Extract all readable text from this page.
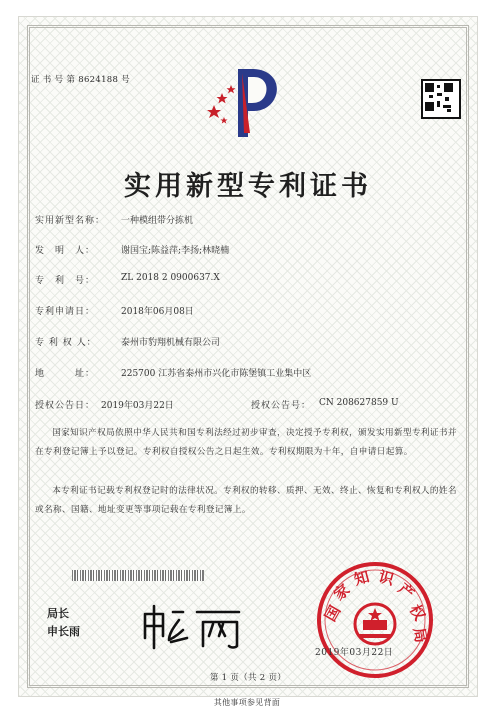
证 书 号 第 8624188 号
实用新型专利证书
实用新型名称： 一种模组带分拣机
发　明　人：	谢国宝;陈益萍;李扬;林晓楠
专　利　号：	ZL 2018 2 0900637.X
专利申请日：	2018年06月08日
专 利 权 人：	泰州市豹翔机械有限公司
地　　　址：	225700 江苏省泰州市兴化市陈堡镇工业集中区
授权公告日： 2019年03月22日	授权公告号： CN 208627859 U
国家知识产权局依照中华人民共和国专利法经过初步审查，决定授予专利权，颁发实用新型专利证书并在专利登记簿上予以登记。专利权自授权公告之日起生效。专利权期限为十年，自申请日起算。
本专利证书记载专利权登记时的法律状况。专利权的转移、质押、无效、终止、恢复和专利权人的姓名或名称、国籍、地址变更等事项记载在专利登记簿上。
局长
申长雨
国
家
知 识
产
权
局
2019年03月22日
第 1 页（共 2 页）
其他事项参见背面
